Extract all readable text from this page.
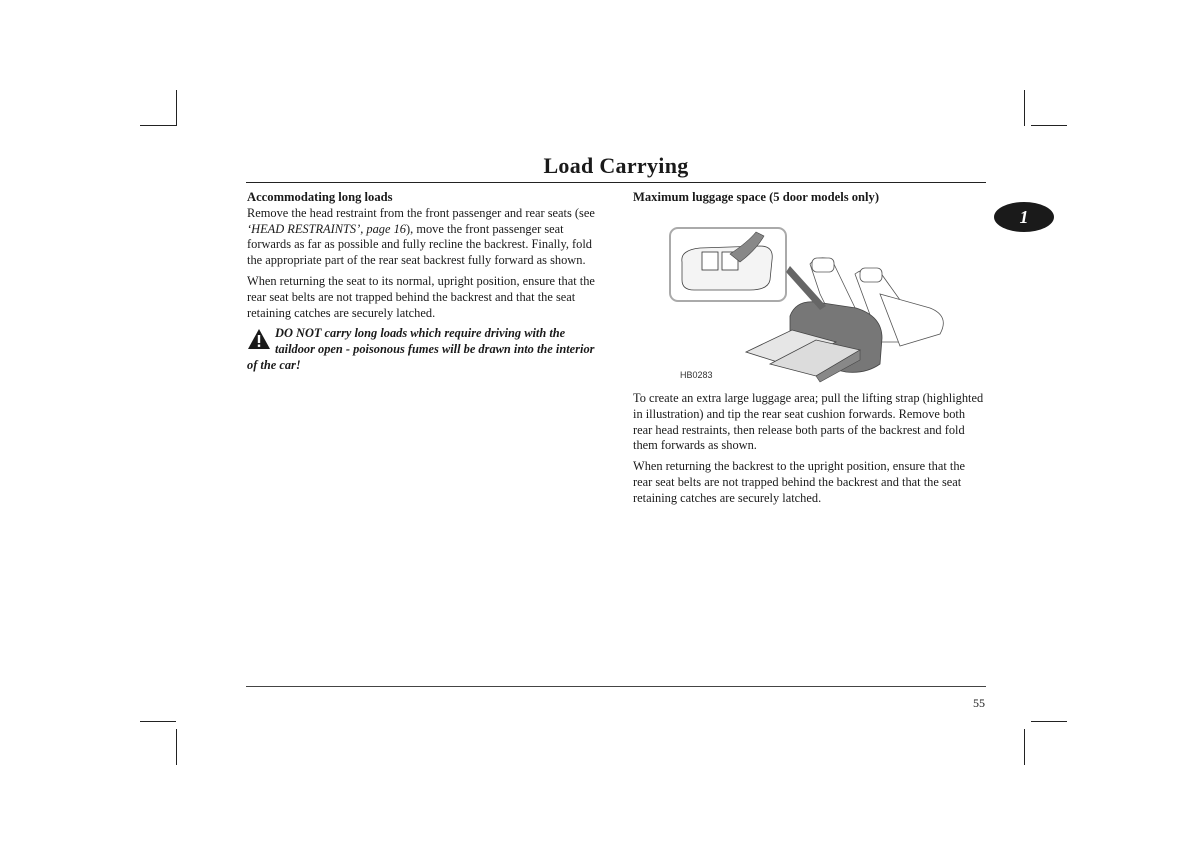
Load Carrying
1

Accommodating long loads

Remove the head restraint from the front passenger and rear seats (see ‘HEAD RESTRAINTS’, page 16), move the front passenger seat forwards as far as possible and fully recline the backrest. Finally, fold the appropriate part of the rear seat backrest fully forward as shown.

When returning the seat to its normal, upright position, ensure that the rear seat belts are not trapped behind the backrest and that the seat retaining catches are securely latched.

DO NOT carry long loads which require driving with the taildoor open - poisonous fumes will be drawn into the interior of the car!

Maximum luggage space (5 door models only)

HB0283

To create an extra large luggage area; pull the lifting strap (highlighted in illustration) and tip the rear seat cushion forwards. Remove both rear head restraints, then release both parts of the backrest and fold them forwards as shown.

When returning the backrest to the upright position, ensure that the rear seat belts are not trapped behind the backrest and that the seat retaining catches are securely latched.

55
